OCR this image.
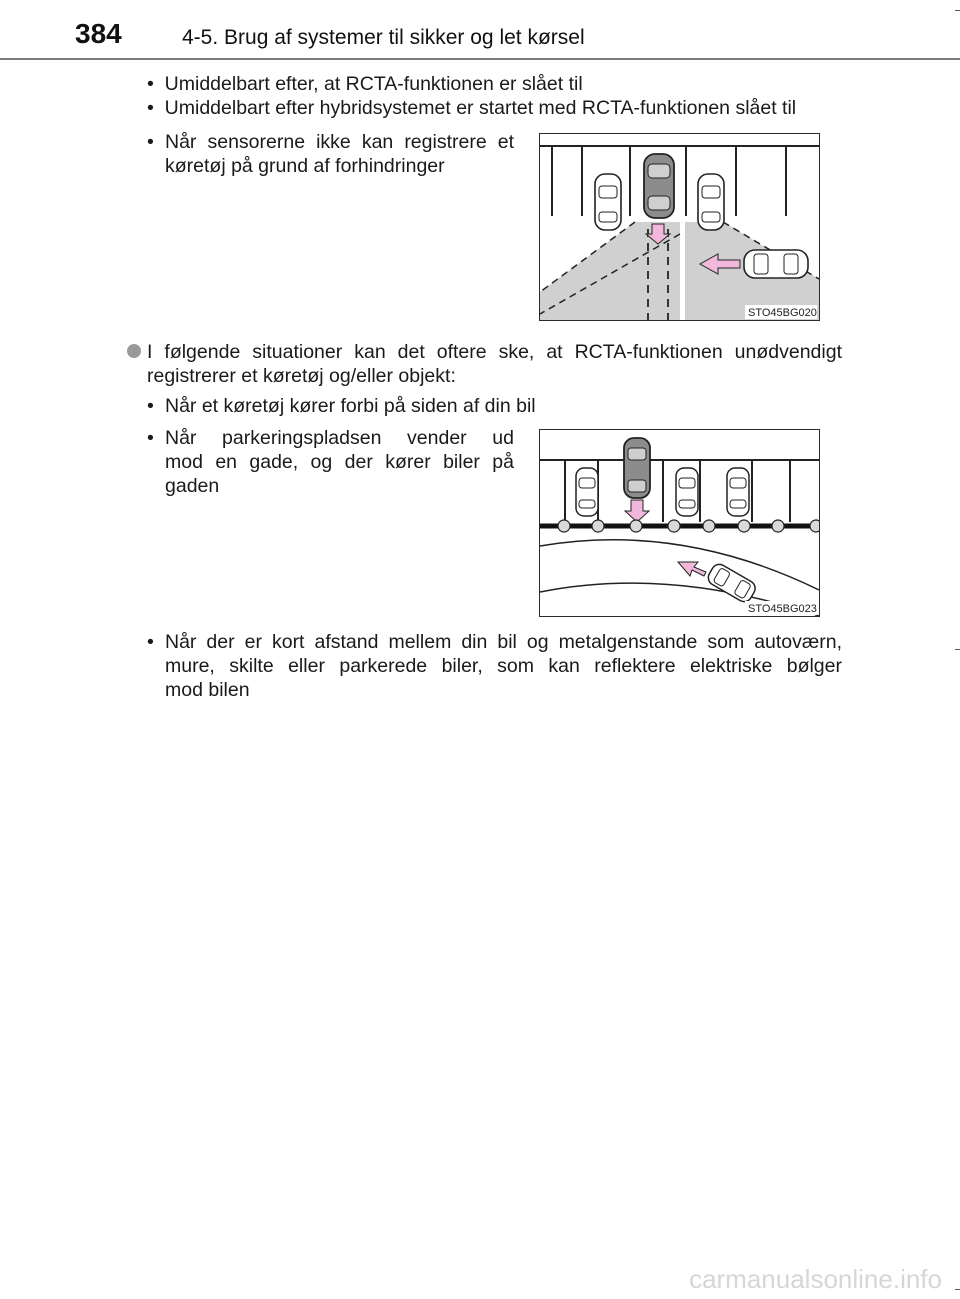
384	4-5. Brug af systemer til sikker og let kørsel
• Umiddelbart efter, at RCTA-funktionen er slået til
• Umiddelbart efter hybridsystemet er startet med RCTA-funktionen slået til
• Når sensorerne ikke kan registrere et
køretøj på grund af forhindringer
STO45BG020
I følgende situationer kan det oftere ske, at RCTA-funktionen unødvendigt
registrerer et køretøj og/eller objekt:
• Når et køretøj kører forbi på siden af din bil
• Når parkeringspladsen vender ud
mod en gade, og der kører biler på
gaden
STO45BG023
• Når der er kort afstand mellem din bil og metalgenstande som autoværn,
mure, skilte eller parkerede biler, som kan reflektere elektriske bølger
mod bilen
carmanualsonline.info
